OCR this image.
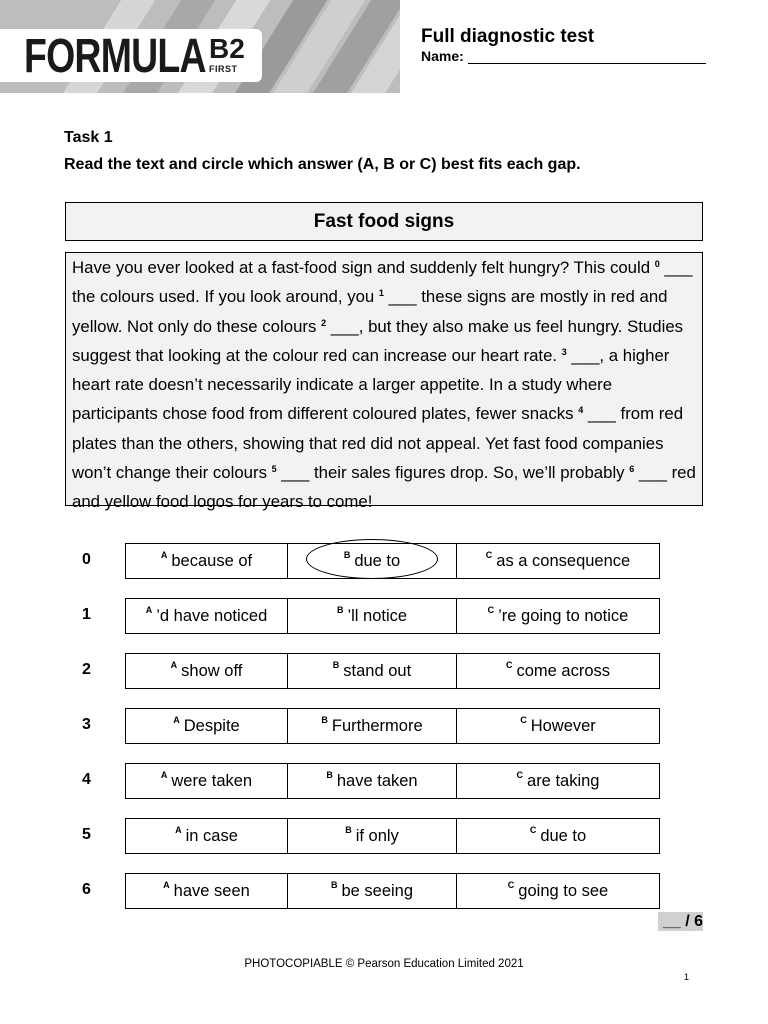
FORMULA B2
FIRST
Full diagnostic test
Name:
Task 1
Read the text and circle which answer (A, B or C) best fits each gap.
Fast food signs
Have you ever looked at a fast-food sign and suddenly felt hungry? This could $^0$ ___ the colours used. If you look around, you $^1$ ___ these signs are mostly in red and yellow. Not only do these colours $^2$ ___, but they also make us feel hungry. Studies suggest that looking at the colour red can increase our heart rate. $^3$ ___, a higher heart rate doesn’t necessarily indicate a larger appetite. In a study where participants chose food from different coloured plates, fewer snacks $^4$ ___ from red plates than the others, showing that red did not appeal. Yet fast food companies won’t change their colours $^5$ ___ their sales figures drop. So, we’ll probably $^6$ ___ red and yellow food logos for years to come!
0	A because of	B due to	C as a consequence
1	A ’d have noticed	B ’ll notice	C ’re going to notice
2	A show off	B stand out	C come across
3	A Despite	B Furthermore	C However
4	A were taken	B have taken	C are taking
5	A in case	B if only	C due to
6	A have seen	B be seeing	C going to see
__ / 6
PHOTOCOPIABLE © Pearson Education Limited 2021
1
